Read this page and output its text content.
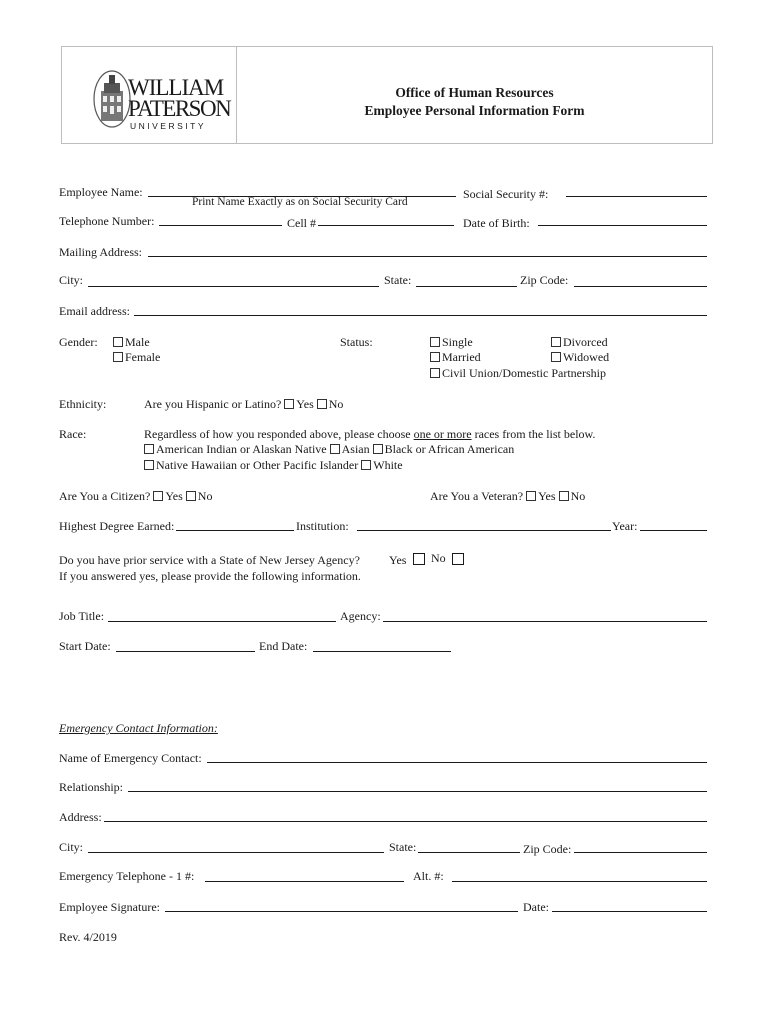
WILLIAM
PATERSON
UNIVERSITY
Office of Human Resources
Employee Personal Information Form
Employee Name:
Print Name Exactly as on Social Security Card
Social Security #:
Telephone Number:	Cell #	Date of Birth:
Mailing Address:
City:	State:	Zip Code:
Email address:
Gender:	Male
Female
Status:	Single	Divorced
Married	Widowed
Civil Union/Domestic Partnership
Ethnicity:	Are you Hispanic or Latino? Yes No
Race:	Regardless of how you responded above, please choose one or more races from the list below.
American Indian or Alaskan Native Asian Black or African American
Native Hawaiian or Other Pacific Islander White
Are You a Citizen? Yes No	Are You a Veteran? Yes No
Highest Degree Earned:	Institution:	Year:
Do you have prior service with a State of New Jersey Agency? Yes No
If you answered yes, please provide the following information.
Job Title:	Agency:
Start Date:	End Date:
Emergency Contact Information:
Name of Emergency Contact:
Relationship:
Address:
City:	State:	Zip Code:
Emergency Telephone - 1 #:	Alt. #:
Employee Signature:	Date:
Rev. 4/2019
